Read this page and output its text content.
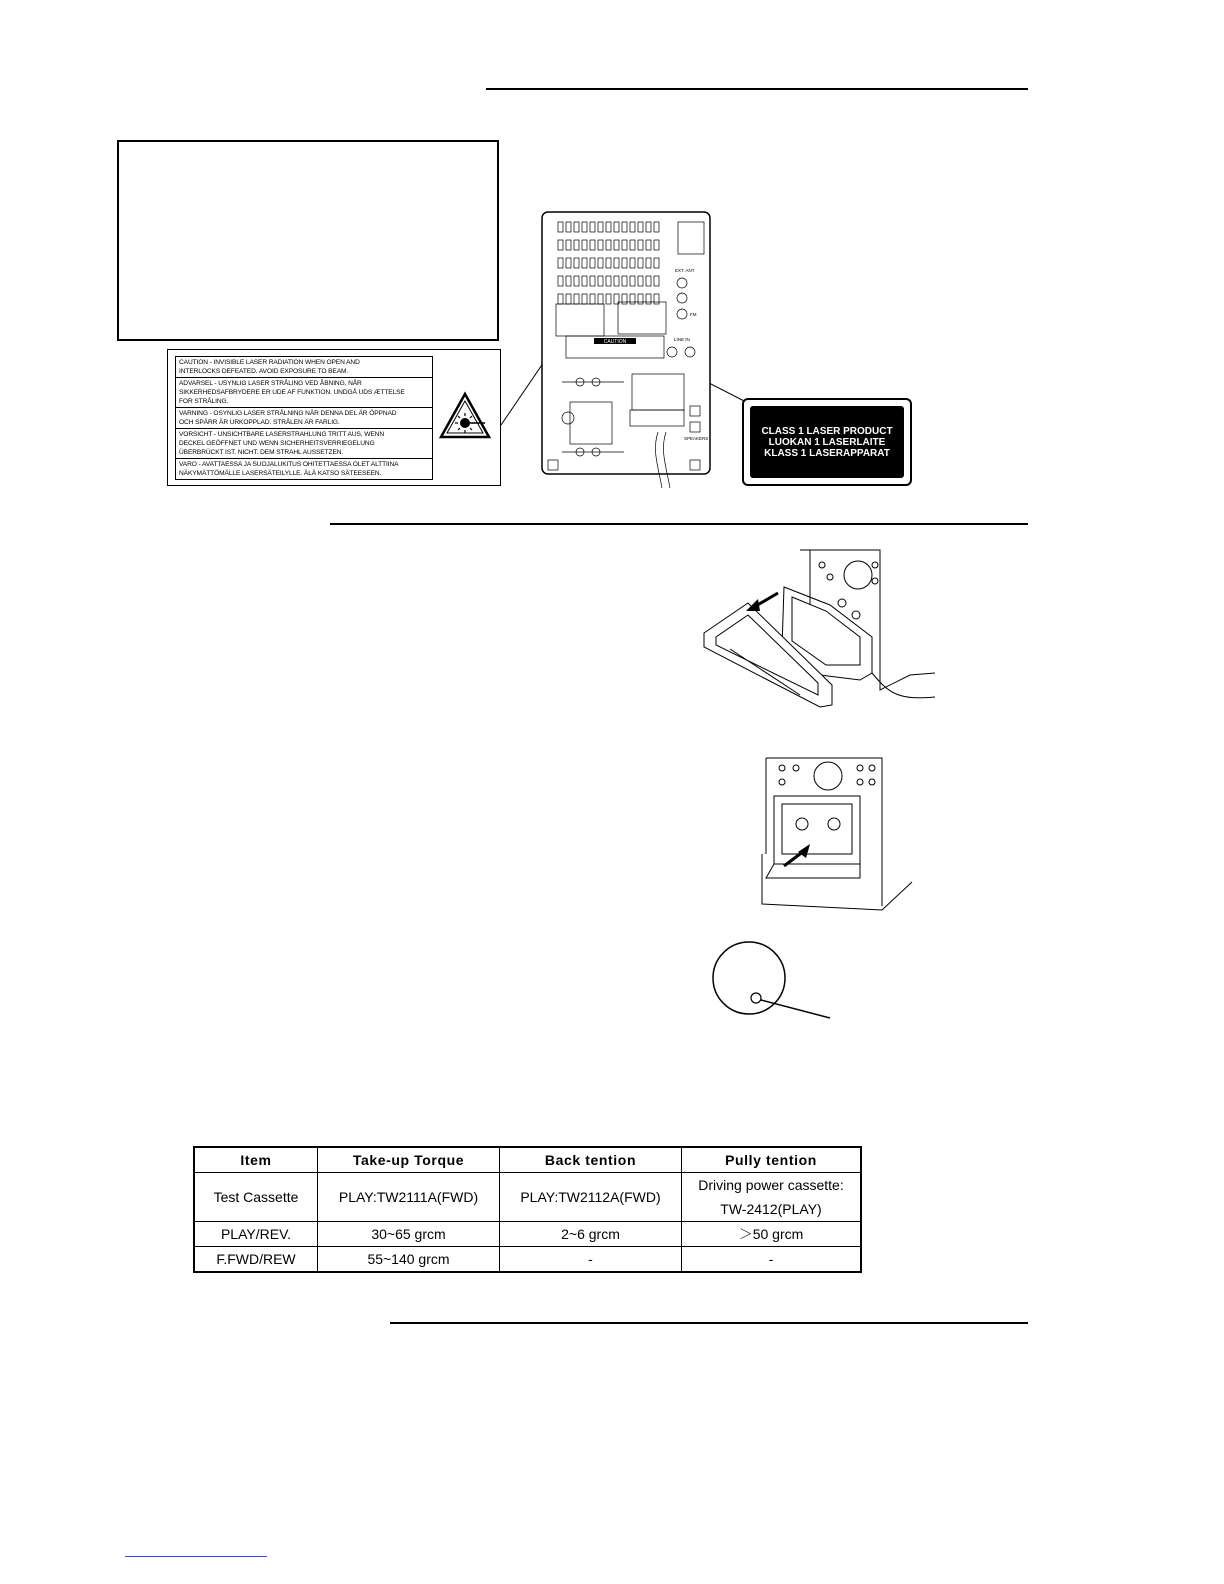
CAUTION - INVISIBLE LASER RADIATION WHEN OPEN AND
INTERLOCKS DEFEATED. AVOID EXPOSURE TO BEAM.
ADVARSEL - USYNLIG LASER STRÅLING VED ÅBNING, NÅR
SIKKERHEDSAFBRYDERE ER UDE AF FUNKTION. UNDGÅ UDS ÆTTELSE
FOR STRÅLING.
VARNING - OSYNLIG LASER STRÅLNING NÄR DENNA DEL ÄR ÖPPNAD
OCH SPÄRR ÄR URKOPPLAD. STRÅLEN ÄR FARLIG.
VORSICHT - UNSICHTBARE LASERSTRAHLUNG TRITT AUS, WENN
DECKEL GEÖFFNET UND WENN SICHERHEITSVERRIEGELUNG
ÜBERBRÜCKT IST. NICHT. DEM STRAHL AUSSETZEN.
VARO - AVATTAESSA JA SUOJALUKITUS OHITETTAESSA OLET ALTTIINA
NÄKYMÄTTÖMÄLLE LASERSÄTEILYLLE. ÄLÄ KATSO SÄTEESEEN.
CAUTION
EXT. ANT
FM
LINE IN
SPEAKERS
CLASS 1 LASER PRODUCT
LUOKAN 1 LASERLAITE
KLASS 1 LASERAPPARAT
Item	Take-up Torque	Back tention	Pully tention
Test Cassette	PLAY:TW2111A(FWD)	PLAY:TW2112A(FWD)	Driving power cassette:
TW-2412(PLAY)

PLAY/REV.	30~65 grcm	2~6 grcm	＞50 grcm
F.FWD/REW	55~140 grcm	-	-
